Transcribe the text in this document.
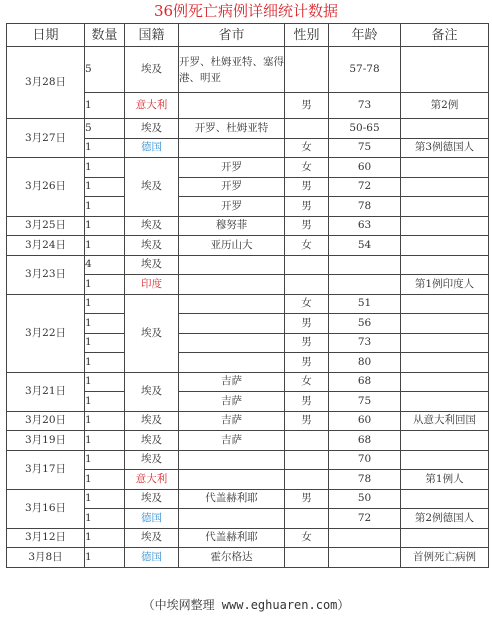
36例死亡病例详细统计数据
日期	数量	国籍	省市	性别	年龄	备注
3月28日	5	埃及	开罗、杜姆亚特、塞得港、明亚		57-78	
	1	意大利		男	73	第2例
3月27日	5	埃及	开罗、杜姆亚特		50-65	
	1	德国		女	75	第3例德国人
3月26日	1	埃及	开罗	女	60	
	1		开罗	男	72	
	1		开罗	男	78	
3月25日	1	埃及	穆努菲	男	63	
3月24日	1	埃及	亚历山大	女	54	
3月23日	4	埃及				
	1	印度				第1例印度人
3月22日	1	埃及		女	51	
	1			男	56	
	1			男	73	
	1			男	80	
3月21日	1	埃及	吉萨	女	68	
	1		吉萨	男	75	
3月20日	1	埃及	吉萨	男	60	从意大利回国
3月19日	1	埃及	吉萨		68	
3月17日	1	埃及			70	
	1	意大利			78	第1例人
3月16日	1	埃及	代盖赫利耶	男	50	
	1	德国			72	第2例德国人
3月12日	1	埃及	代盖赫利耶	女		
3月8日	1	德国	霍尔格达			首例死亡病例
（中埃网整理 www.eghuaren.com）
